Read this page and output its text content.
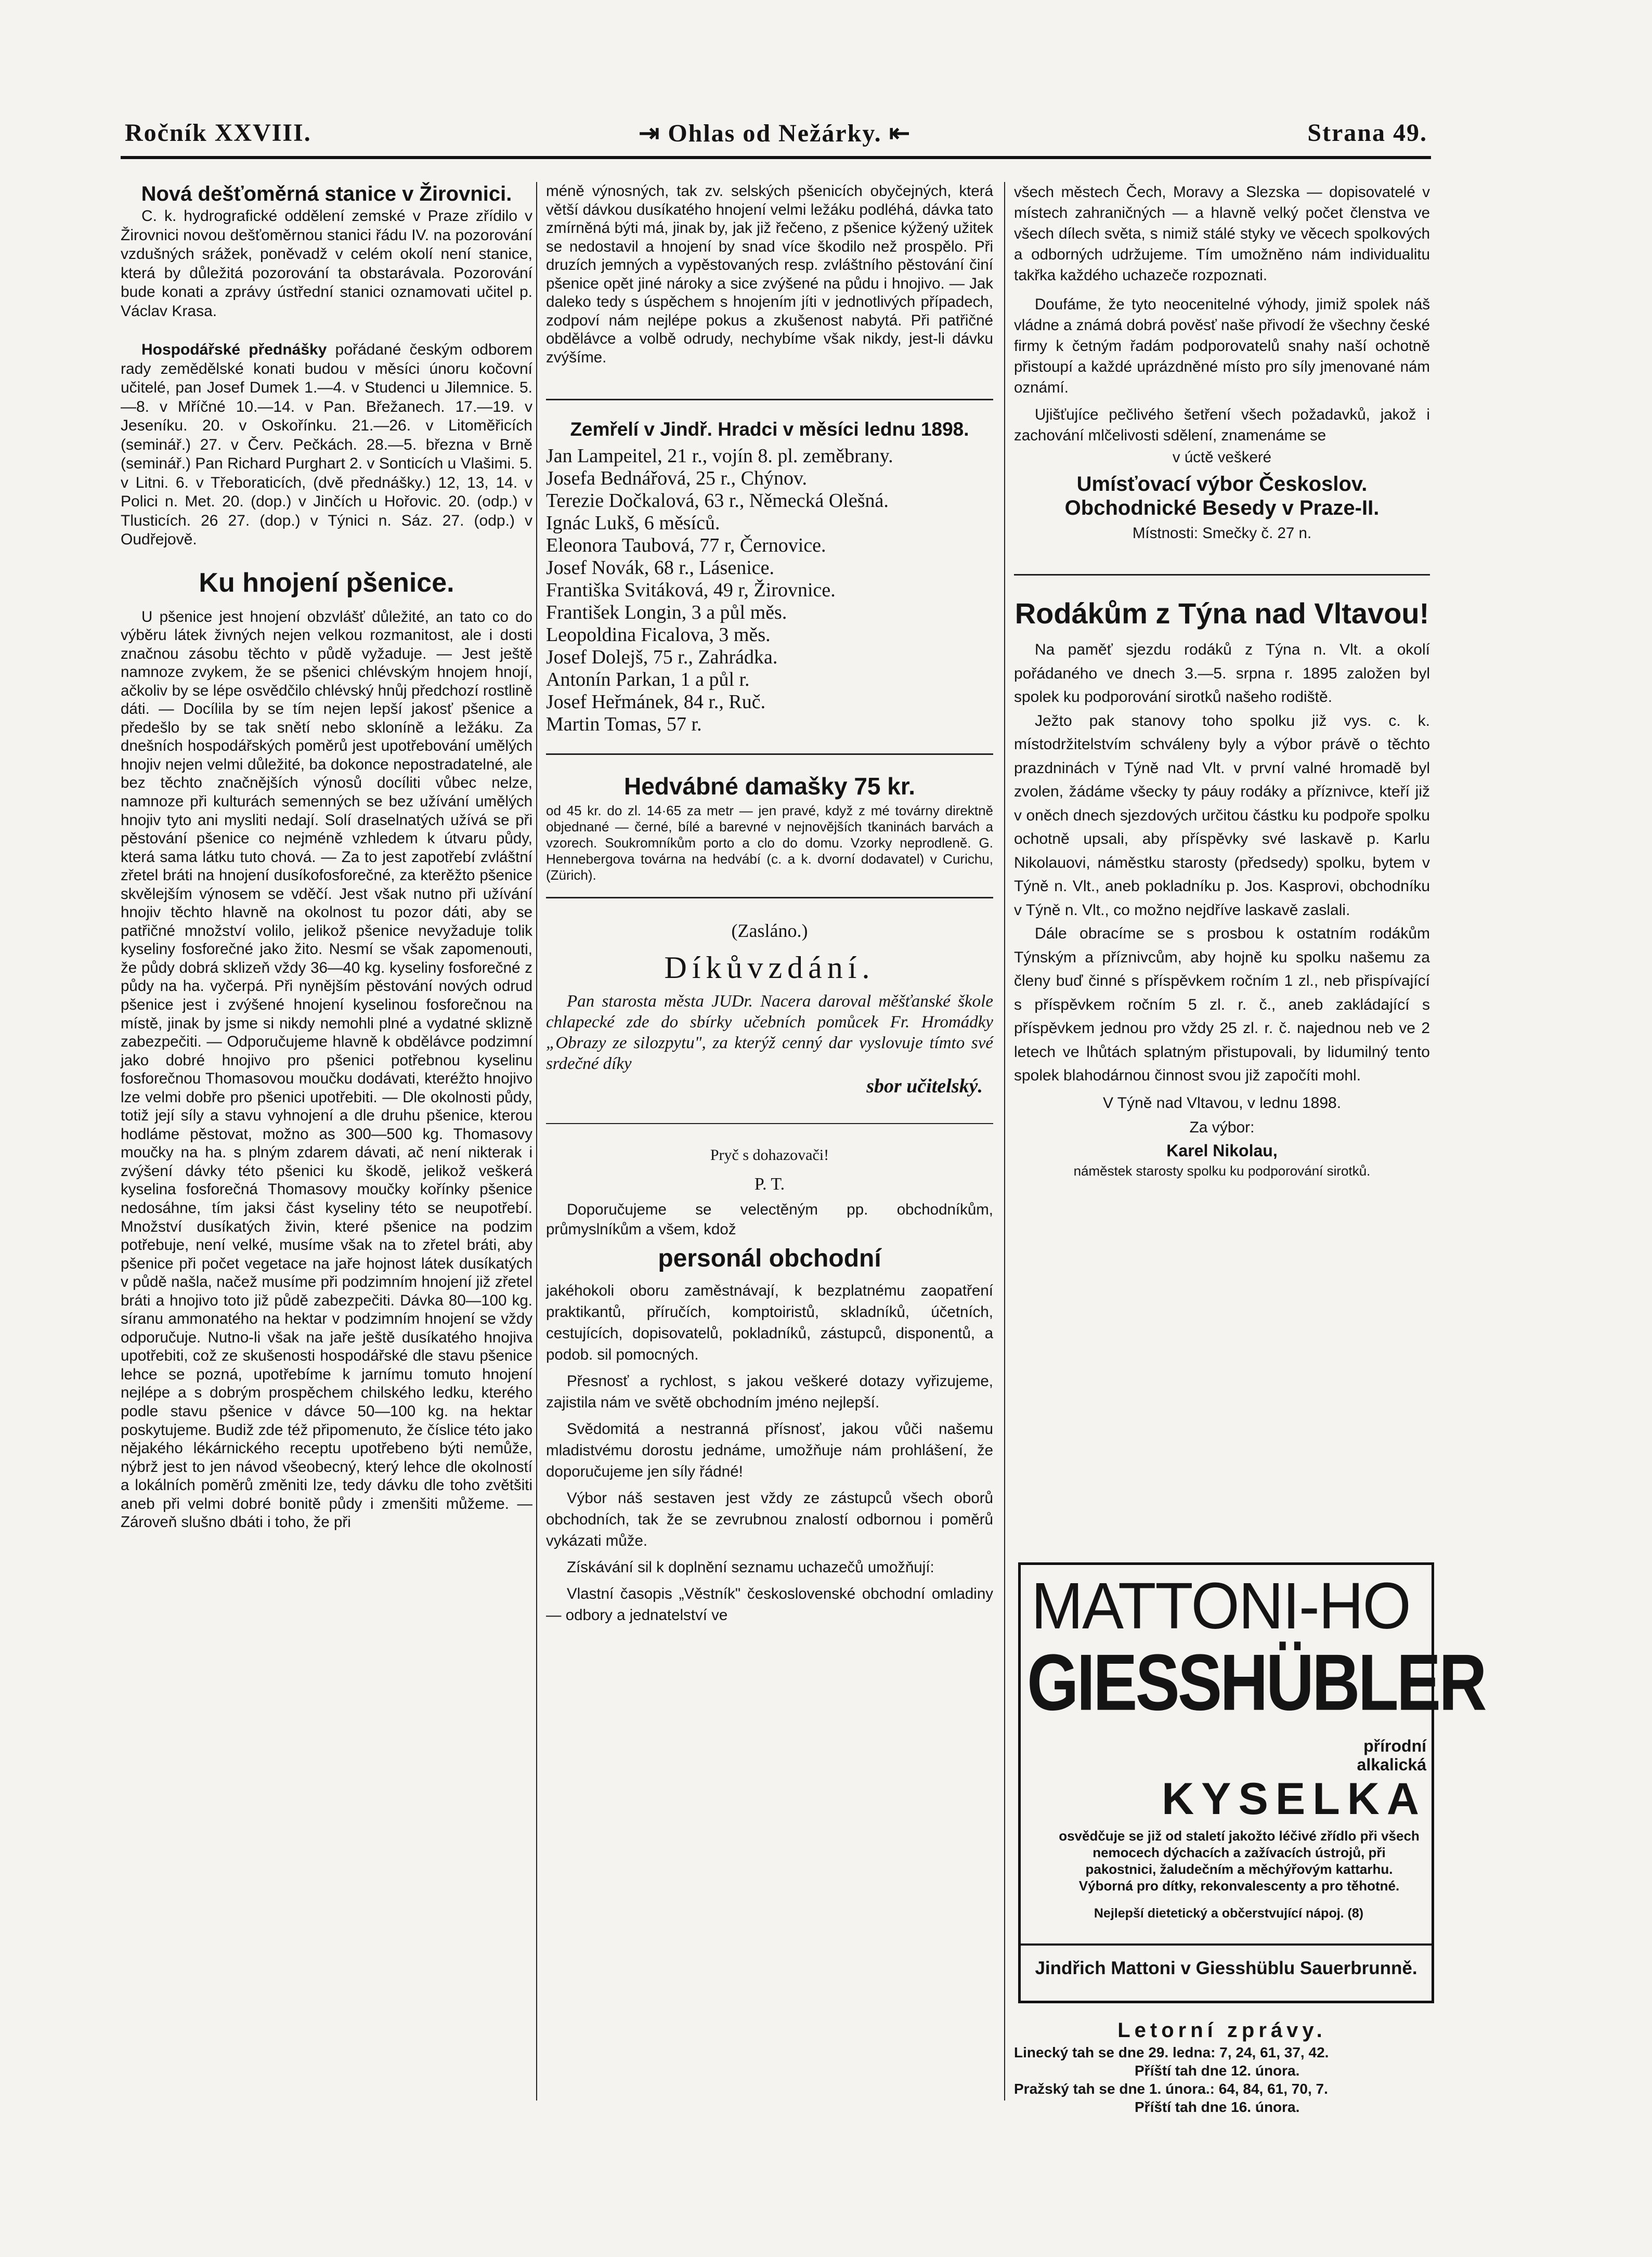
Ročník XXVIII.	⇥ Ohlas od Nežárky. ⇤	Strana 49.

Nová dešťoměrná stanice v Žirovnici.

C. k. hydrografické oddělení zemské v Praze zřídilo v Žirovnici novou dešťoměrnou stanici řádu IV. na pozorování vzdušných srážek, poněvadž v celém okolí není stanice, která by důležitá pozorování ta obstarávala. Pozorování bude konati a zprávy ústřední stanici oznamovati učitel p. Václav Krasa.

Hospodářské přednášky pořádané českým odborem rady zemědělské konati budou v měsíci únoru kočovní učitelé, pan Josef Dumek 1.—4. v Studenci u Jilemnice. 5.—8. v Mříčné 10.—14. v Pan. Břežanech. 17.—19. v Jeseníku. 20. v Oskořínku. 21.—26. v Litoměřicích (seminář.) 27. v Červ. Pečkách. 28.—5. března v Brně (seminář.) Pan Richard Purghart 2. v Sonticích u Vlašimi. 5. v Litni. 6. v Třeboraticích, (dvě přednášky.) 12, 13, 14. v Polici n. Met. 20. (dop.) v Jinčích u Hořovic. 20. (odp.) v Tlusticích. 26 27. (dop.) v Týnici n. Sáz. 27. (odp.) v Oudřejově.

Ku hnojení pšenice.

U pšenice jest hnojení obzvlášť důležité, an tato co do výběru látek živných nejen velkou rozmanitost, ale i dosti značnou zásobu těchto v půdě vyžaduje. — Jest ještě namnoze zvykem, že se pšenici chlévským hnojem hnojí, ačkoliv by se lépe osvědčilo chlévský hnůj předchozí rostlině dáti. — Docílila by se tím nejen lepší jakosť pšenice a předešlo by se tak snětí nebo skloníně a ležáku. Za dnešních hospodářských poměrů jest upotřebování umělých hnojiv nejen velmi důležité, ba dokonce nepostradatelné, ale bez těchto značnějších výnosů docíliti vůbec nelze, namnoze při kulturách semenných se bez užívání umělých hnojiv tyto ani mysliti nedají. Solí draselnatých užívá se při pěstování pšenice co nejméně vzhledem k útvaru půdy, která sama látku tuto chová. — Za to jest zapotřebí zvláštní zřetel bráti na hnojení dusíkofosforečné, za kterěžto pšenice skvělejším výnosem se vděčí. Jest však nutno při užívání hnojiv těchto hlavně na okolnost tu pozor dáti, aby se patřičné množství volilo, jelikož pšenice nevyžaduje tolik kyseliny fosforečné jako žito. Nesmí se však zapomenouti, že půdy dobrá sklizeň vždy 36—40 kg. kyseliny fosforečné z půdy na ha. vyčerpá. Při nynějším pěstování nových odrud pšenice jest i zvýšené hnojení kyselinou fosforečnou na místě, jinak by jsme si nikdy nemohli plné a vydatné sklizně zabezpečiti. — Odporučujeme hlavně k obdělávce podzimní jako dobré hnojivo pro pšenici potřebnou kyselinu fosforečnou Thomasovou moučku dodávati, kteréžto hnojivo lze velmi dobře pro pšenici upotřebiti. — Dle okolnosti půdy, totiž její síly a stavu vyhnojení a dle druhu pšenice, kterou hodláme pěstovat, možno as 300—500 kg. Thomasovy moučky na ha. s plným zdarem dávati, ač není nikterak i zvýšení dávky této pšenici ku škodě, jelikož veškerá kyselina fosforečná Thomasovy moučky kořínky pšenice nedosáhne, tím jaksi část kyseliny této se neupotřebí. Množství dusíkatých živin, které pšenice na podzim potřebuje, není velké, musíme však na to zřetel bráti, aby pšenice při počet vegetace na jaře hojnost látek dusíkatých v půdě našla, načež musíme při podzimním hnojení již zřetel bráti a hnojivo toto již půdě zabezpečiti. Dávka 80—100 kg. síranu ammonatého na hektar v podzimním hnojení se vždy odporučuje. Nutno-li však na jaře ještě dusíkatého hnojiva upotřebiti, což ze skušenosti hospodářské dle stavu pšenice lehce se pozná, upotřebíme k jarnímu tomuto hnojení nejlépe a s dobrým prospěchem chilského ledku, kterého podle stavu pšenice v dávce 50—100 kg. na hektar poskytujeme. Budiž zde též připomenuto, že číslice této jako nějakého lékárnického receptu upotřebeno býti nemůže, nýbrž jest to jen návod všeobecný, který lehce dle okolností a lokálních poměrů změniti lze, tedy dávku dle toho zvětšiti aneb při velmi dobré bonitě půdy i zmenšiti můžeme. — Zároveň slušno dbáti i toho, že při

méně výnosných, tak zv. selských pšenicích obyčejných, která větší dávkou dusíkatého hnojení velmi ležáku podléhá, dávka tato zmírněná býti má, jinak by, jak již řečeno, z pšenice kýžený užitek se nedostavil a hnojení by snad více škodilo než prospělo. Při druzích jemných a vypěstovaných resp. zvláštního pěstování činí pšenice opět jiné nároky a sice zvýšené na půdu i hnojivo. — Jak daleko tedy s úspěchem s hnojením jíti v jednotlivých případech, zodpoví nám nejlépe pokus a zkušenost nabytá. Při patřičné obdělávce a volbě odrudy, nechybíme však nikdy, jest-li dávku zvýšíme.

Zemřelí v Jindř. Hradci v měsíci lednu 1898.

Jan Lampeitel, 21 r., vojín 8. pl. zeměbrany.

Josefa Bednářová, 25 r., Chýnov.

Terezie Dočkalová, 63 r., Německá Olešná.

Ignác Lukš, 6 měsíců.

Eleonora Taubová, 77 r, Černovice.

Josef Novák, 68 r., Lásenice.

Františka Svitáková, 49 r, Žirovnice.

František Longin, 3 a půl měs.

Leopoldina Ficalova, 3 měs.

Josef Dolejš, 75 r., Zahrádka.

Antonín Parkan, 1 a půl r.

Josef Heřmánek, 84 r., Ruč.

Martin Tomas, 57 r.

Hedvábné damašky 75 kr.

od 45 kr. do zl. 14·65 za metr — jen pravé, když z mé továrny direktně objednané — černé, bílé a barevné v nejnovějších tkaninách barvách a vzorech. Soukromníkům porto a clo do domu. Vzorky neprodleně. G. Hennebergova továrna na hedvábí (c. a k. dvorní dodavatel) v Curichu, (Zürich).

(Zasláno.)

Díkůvzdání.

Pan starosta města JUDr. Nacera daroval měšťanské škole chlapecké zde do sbírky učebních pomůcek Fr. Hromádky „Obrazy ze silozpytu", za kterýž cenný dar vyslovuje tímto své srdečné díky

sbor učitelský.

Pryč s dohazovači!

P. T.

Doporučujeme se velectěným pp. obchodníkům, průmyslníkům a všem, kdož

personál obchodní

jakéhokoli oboru zaměstnávají, k bezplatnému zaopatření praktikantů, příručích, komptoiristů, skladníků, účetních, cestujících, dopisovatelů, pokladníků, zástupců, disponentů, a podob. sil pomocných.

Přesnosť a rychlost, s jakou veškeré dotazy vyřizujeme, zajistila nám ve světě obchodním jméno nejlepší.

Svědomitá a nestranná přísnosť, jakou vůči našemu mladistvému dorostu jednáme, umožňuje nám prohlášení, že doporučujeme jen síly řádné!

Výbor náš sestaven jest vždy ze zástupců všech oborů obchodních, tak že se zevrubnou znalostí odbornou i poměrů vykázati může.

Získávání sil k doplnění seznamu uchazečů umožňují:

Vlastní časopis „Věstník" československé obchodní omladiny — odbory a jednatelství ve

všech městech Čech, Moravy a Slezska — dopisovatelé v místech zahraničných — a hlavně velký počet členstva ve všech dílech světa, s nimiž stálé styky ve věcech spolkových a odborných udržujeme. Tím umožněno nám individualitu takřka každého uchazeče rozpoznati.

Doufáme, že tyto neocenitelné výhody, jimiž spolek náš vládne a známá dobrá pověsť naše přivodí že všechny české firmy k četným řadám podporovatelů snahy naší ochotně přistoupí a každé uprázdněné místo pro síly jmenované nám oznámí.

Ujišťujíce pečlivého šetření všech požadavků, jakož i zachování mlčelivosti sdělení, znamenáme se

v úctě veškeré

Umísťovací výbor Českoslov. Obchodnické Besedy v Praze-II.

Místnosti: Smečky č. 27 n.

Rodákům z Týna nad Vltavou!

Na paměť sjezdu rodáků z Týna n. Vlt. a okolí pořádaného ve dnech 3.—5. srpna r. 1895 založen byl spolek ku podporování sirotků našeho rodiště.

Ježto pak stanovy toho spolku již vys. c. k. místodržitelstvím schváleny byly a výbor právě o těchto prazdninách v Týně nad Vlt. v první valné hromadě byl zvolen, žádáme všecky ty páuy rodáky a příznivce, kteří již v oněch dnech sjezdových určitou částku ku podpoře spolku ochotně upsali, aby příspěvky své laskavě p. Karlu Nikolauovi, náměstku starosty (předsedy) spolku, bytem v Týně n. Vlt., aneb pokladníku p. Jos. Kasprovi, obchodníku v Týně n. Vlt., co možno nejdříve laskavě zaslali.

Dále obracíme se s prosbou k ostatním rodákům Týnským a příznivcům, aby hojně ku spolku našemu za členy buď činné s příspěvkem ročním 1 zl., neb přispívající s příspěvkem ročním 5 zl. r. č., aneb zakládající s příspěvkem jednou pro vždy 25 zl. r. č. najednou neb ve 2 letech ve lhůtách splatným přistupovali, by lidumilný tento spolek blahodárnou činnost svou již započíti mohl.

V Týně nad Vltavou, v lednu 1898.

Za výbor:

Karel Nikolau,

náměstek starosty spolku ku podporování sirotků.

MATTONI-HO
GIESSHÜBLER
přírodní alkalická
KYSELKA
osvědčuje se již od staletí jakožto léčivé zřídlo při všech nemocech dýchacích a zažívacích ústrojů, při pakostnici, žaludečním a měchýřovým kattarhu. Výborná pro dítky, rekonvalescenty a pro těhotné.
Nejlepší dietetický a občerstvující nápoj. (8)
Jindřich Mattoni v Giesshüblu Sauerbrunně.

Letorní zprávy.

Linecký tah se dne 29. ledna: 7, 24, 61, 37, 42.

Příští tah dne 12. února.

Pražský tah se dne 1. února.: 64, 84, 61, 70, 7.

Příští tah dne 16. února.
